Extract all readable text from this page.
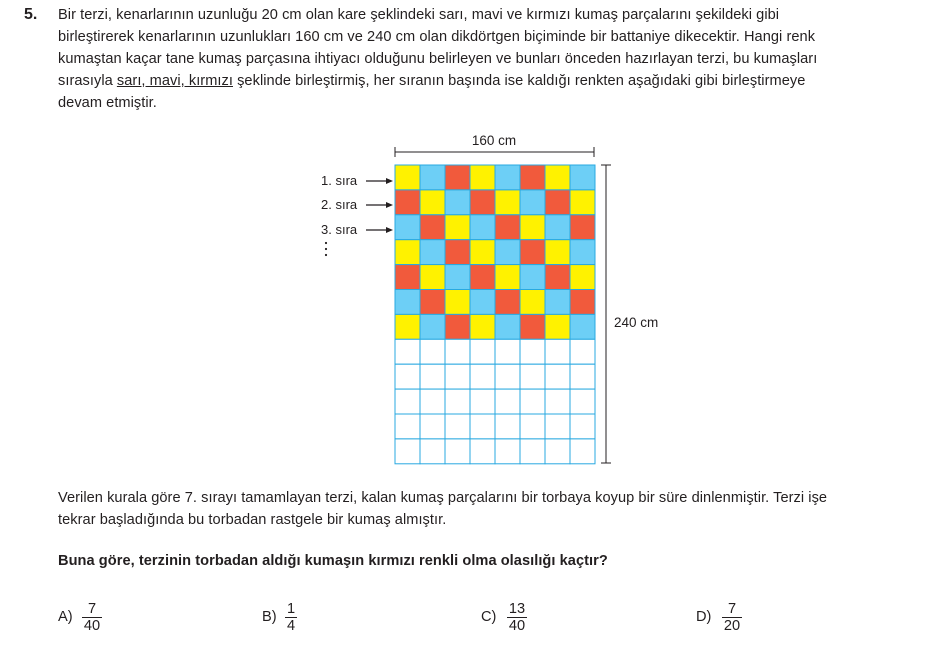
5. Bir terzi, kenarlarının uzunluğu 20 cm olan kare şeklindeki sarı, mavi ve kırmızı kumaş parçalarını şekildeki gibi
birleştirerek kenarlarının uzunlukları 160 cm ve 240 cm olan dikdörtgen biçiminde bir battaniye dikecektir. Hangi renk
kumaştan kaçar tane kumaş parçasına ihtiyacı olduğunu belirleyen ve bunları önceden hazırlayan terzi, bu kumaşları
sırasıyla sarı, mavi, kırmızı şeklinde birleştirmiş, her sıranın başında ise kaldığı renkten aşağıdaki gibi birleştirmeye
devam etmiştir.
160 cm
240 cm
1. sıra
2. sıra
3. sıra
Verilen kurala göre 7. sırayı tamamlayan terzi, kalan kumaş parçalarını bir torbaya koyup bir süre dinlenmiştir. Terzi işe
tekrar başladığında bu torbadan rastgele bir kumaş almıştır.
Buna göre, terzinin torbadan aldığı kumaşın kırmızı renkli olma olasılığı kaçtır?
A)	7
40
B) 1
4
C) 13
40
D)	7
20
